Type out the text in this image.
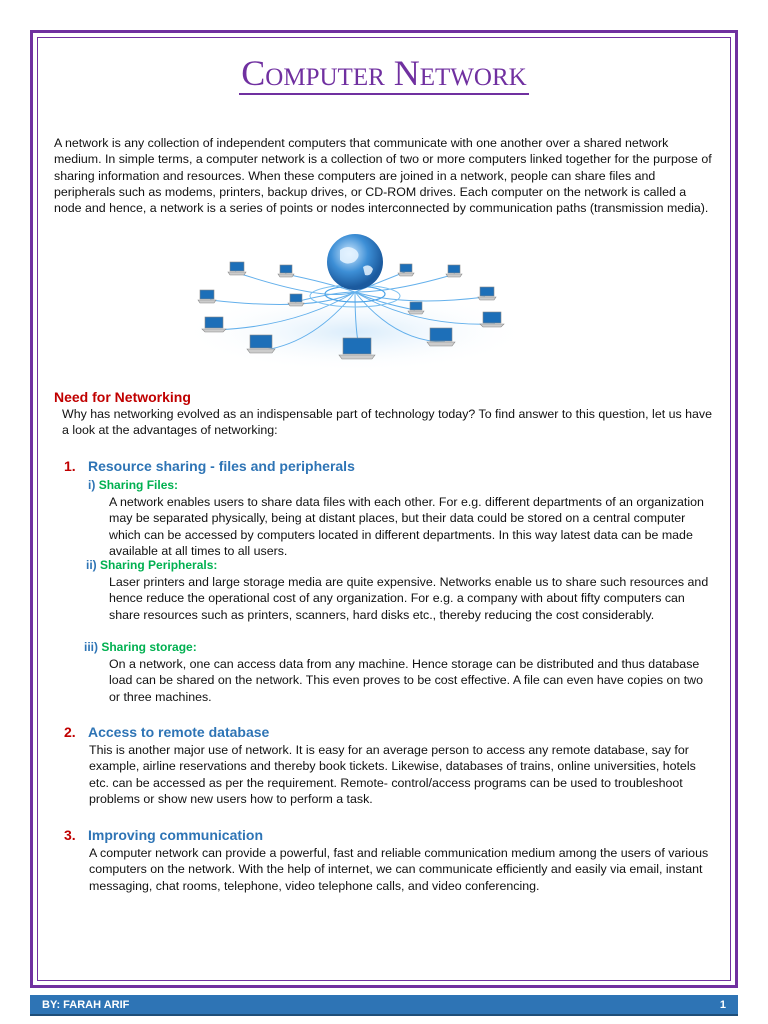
Computer Network
A network is any collection of independent computers that communicate with one another over a shared network medium. In simple terms, a computer network is a collection of two or more computers linked together for the purpose of sharing information and resources. When these computers are joined in a network, people can share files and peripherals such as modems, printers, backup drives, or CD-ROM drives. Each computer on the network is called a node and hence, a network is a series of points or nodes interconnected by communication paths (transmission media).
Need for Networking
Why has networking evolved as an indispensable part of technology today? To find answer to this question, let us have a look at the advantages of networking:
1. Resource sharing - files and peripherals
i) Sharing Files:
A network enables users to share data files with each other. For e.g. different departments of an organization may be separated physically, being at distant places, but their data could be stored on a central computer which can be accessed by computers located in different departments. In this way latest data can be made available at all times to all users.
ii) Sharing Peripherals:
Laser printers and large storage media are quite expensive. Networks enable us to share such resources and hence reduce the operational cost of any organization. For e.g. a company with about fifty computers can share resources such as printers, scanners, hard disks etc., thereby reducing the cost considerably.
iii) Sharing storage:
On a network, one can access data from any machine. Hence storage can be distributed and thus database load can be shared on the network. This even proves to be cost effective. A file can even have copies on two or three machines.
2. Access to remote database
This is another major use of network. It is easy for an average person to access any remote database, say for example, airline reservations and thereby book tickets. Likewise, databases of trains, online universities, hotels etc. can be accessed as per the requirement. Remote- control/access programs can be used to troubleshoot problems or show new users how to perform a task.
3. Improving communication
A computer network can provide a powerful, fast and reliable communication medium among the users of various computers on the network. With the help of internet, we can communicate efficiently and easily via email, instant messaging, chat rooms, telephone, video telephone calls, and video conferencing.
BY: FARAH ARIF	1
